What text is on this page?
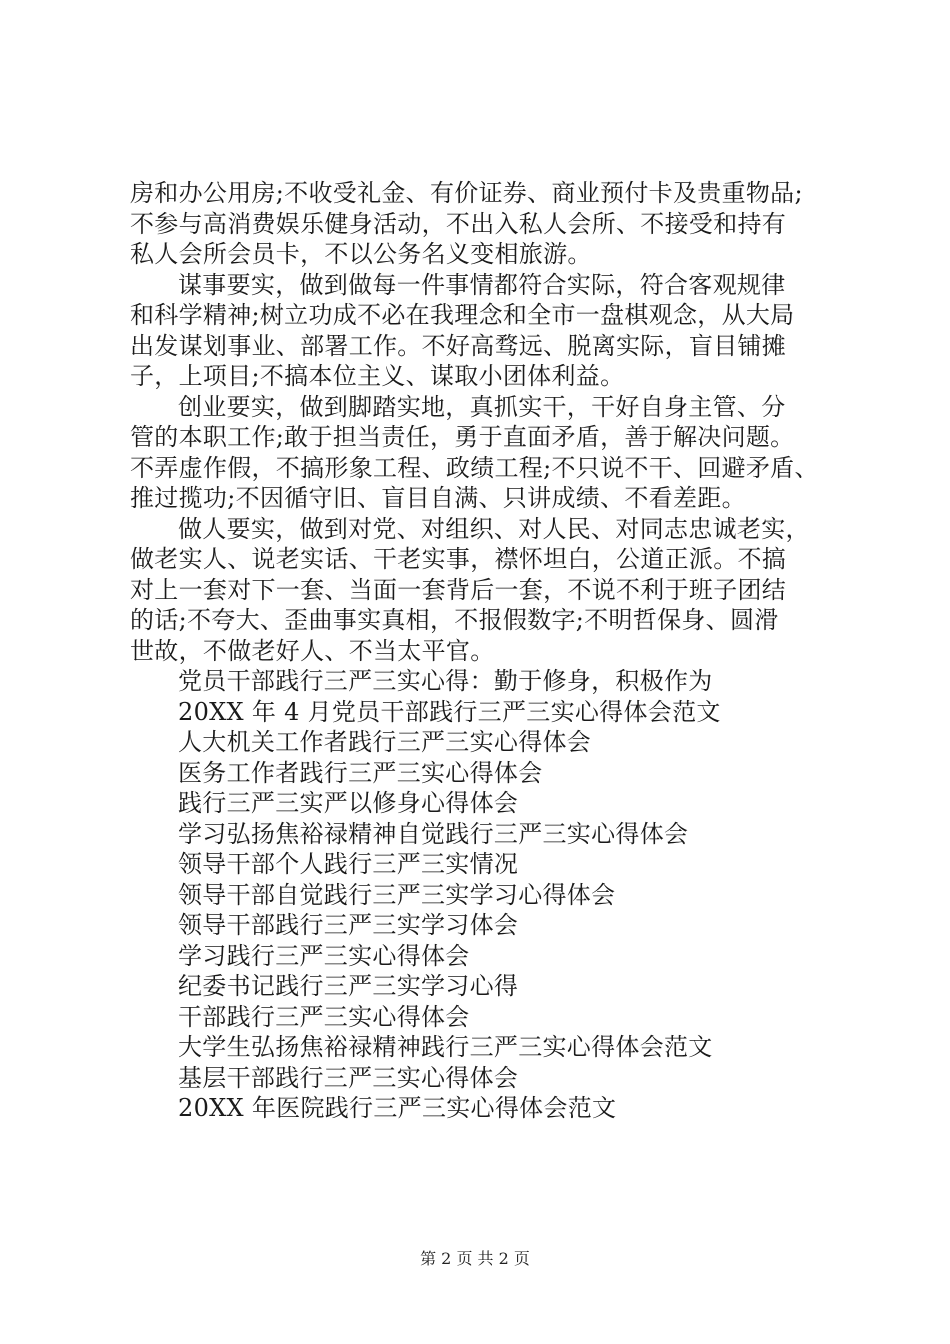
房和办公用房;不收受礼金、有价证券、商业预付卡及贵重物品;
不参与高消费娱乐健身活动，不出入私人会所、不接受和持有
私人会所会员卡，不以公务名义变相旅游。
谋事要实，做到做每一件事情都符合实际，符合客观规律
和科学精神;树立功成不必在我理念和全市一盘棋观念，从大局
出发谋划事业、部署工作。不好高骛远、脱离实际，盲目铺摊
子，上项目;不搞本位主义、谋取小团体利益。
创业要实，做到脚踏实地，真抓实干，干好自身主管、分
管的本职工作;敢于担当责任，勇于直面矛盾，善于解决问题。
不弄虚作假，不搞形象工程、政绩工程;不只说不干、回避矛盾、
推过揽功;不因循守旧、盲目自满、只讲成绩、不看差距。
做人要实，做到对党、对组织、对人民、对同志忠诚老实，
做老实人、说老实话、干老实事，襟怀坦白，公道正派。不搞
对上一套对下一套、当面一套背后一套，不说不利于班子团结
的话;不夸大、歪曲事实真相，不报假数字;不明哲保身、圆滑
世故，不做老好人、不当太平官。
党员干部践行三严三实心得：勤于修身，积极作为
20XX 年 4 月党员干部践行三严三实心得体会范文
人大机关工作者践行三严三实心得体会
医务工作者践行三严三实心得体会
践行三严三实严以修身心得体会
学习弘扬焦裕禄精神自觉践行三严三实心得体会
领导干部个人践行三严三实情况
领导干部自觉践行三严三实学习心得体会
领导干部践行三严三实学习体会
学习践行三严三实心得体会
纪委书记践行三严三实学习心得
干部践行三严三实心得体会
大学生弘扬焦裕禄精神践行三严三实心得体会范文
基层干部践行三严三实心得体会
20XX 年医院践行三严三实心得体会范文
第 2 页 共 2 页
